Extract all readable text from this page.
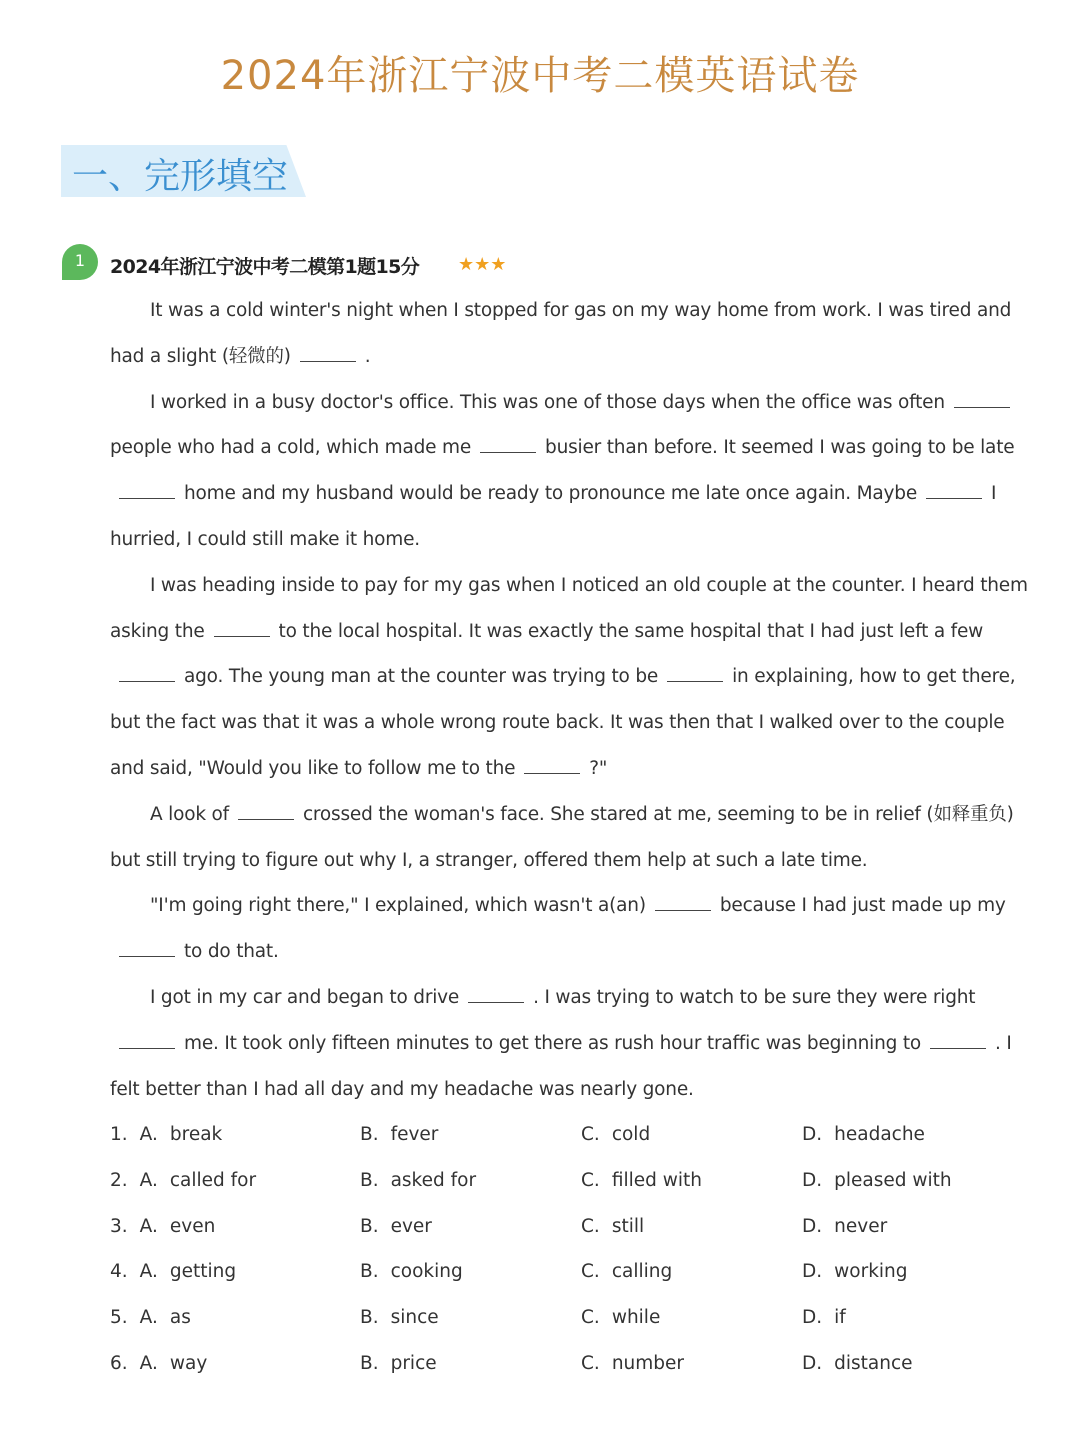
2024年浙江宁波中考二模英语试卷
一、完形填空
1	2024年浙江宁波中考二模第1题15分 ★★★

It was a cold winter's night when I stopped for gas on my way home from work. I was tired and had a slight (轻微的)	.

I worked in a busy doctor's office. This was one of those days when the office was oftenpeople who had a cold, which made me	busier than before. It seemed I was going to be late home and my husband would be ready to pronounce me late once again. Maybe	I hurried, I could still make it home.

I was heading inside to pay for my gas when I noticed an old couple at the counter. I heard them asking the	to the local hospital. It was exactly the same hospital that I had just left a few ago. The young man at the counter was trying to be	in explaining, how to get there, but the fact was that it was a whole wrong route back. It was then that I walked over to the couple and said, "Would you like to follow me to the	?"

A look of	crossed the woman's face. She stared at me, seeming to be in relief (如释重负) but still trying to figure out why I, a stranger, offered them help at such a late time.

"I'm going right there," I explained, which wasn't a(an)	because I had just made up my to do that.

I got in my car and began to drive	. I was trying to watch to be sure they were rightme. It took only fifteen minutes to get there as rush hour traffic was beginning to	. I felt better than I had all day and my headache was nearly gone.

1. A. break	B. fever	C. cold	D. headache
2. A. called for	B. asked for	C. filled with	D. pleased with
3. A. even	B. ever	C. still	D. never
4. A. getting	B. cooking	C. calling	D. working
5. A. as	B. since	C. while	D. if
6. A. way	B. price	C. number	D. distance
